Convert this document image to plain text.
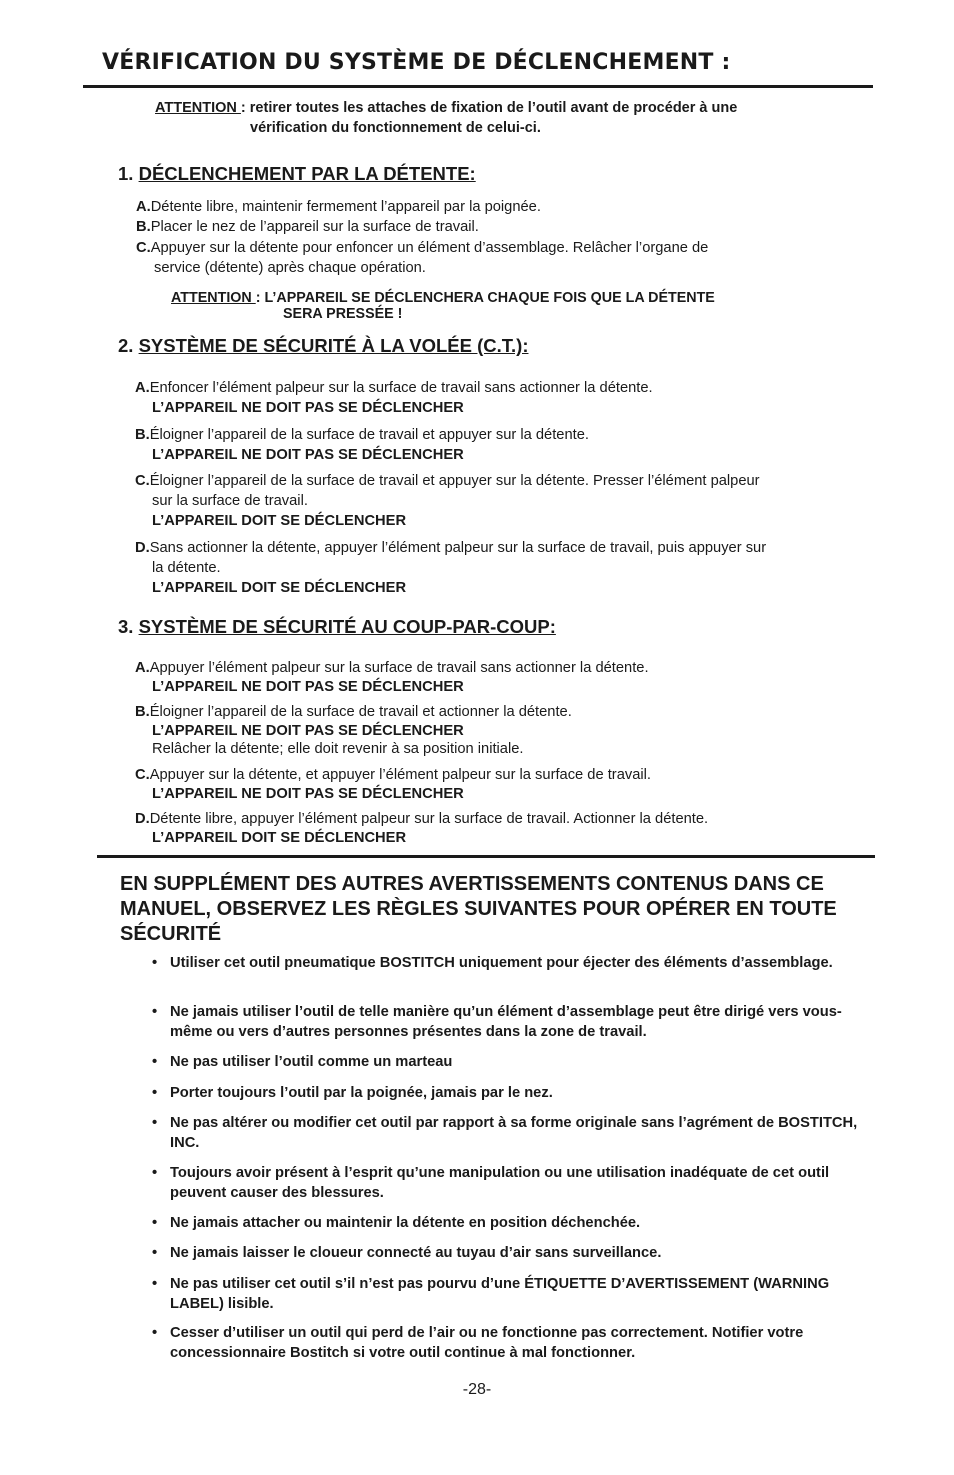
VÉRIFICATION DU SYSTÈME DE DÉCLENCHEMENT :
ATTENTION : retirer toutes les attaches de fixation de l’outil avant de procéder à une
vérification du fonctionnement de celui-ci.
1. DÉCLENCHEMENT PAR LA DÉTENTE:
A.Détente libre, maintenir fermement l’appareil par la poignée.
B.Placer le nez de l’appareil sur la surface de travail.
C.Appuyer sur la détente pour enfoncer un élément d’assemblage. Relâcher l’organe de
service (détente) après chaque opération.
ATTENTION : L’APPAREIL SE DÉCLENCHERA CHAQUE FOIS QUE LA DÉTENTE
SERA PRESSÉE !
2. SYSTÈME DE SÉCURITÉ À LA VOLÉE (C.T.):
A.Enfoncer l’élément palpeur sur la surface de travail sans actionner la détente.
L’APPAREIL NE DOIT PAS SE DÉCLENCHER
B.Éloigner l’appareil de la surface de travail et appuyer sur la détente.
L’APPAREIL NE DOIT PAS SE DÉCLENCHER
C.Éloigner l’appareil de la surface de travail et appuyer sur la détente. Presser l’élément palpeur
sur la surface de travail.
L’APPAREIL DOIT SE DÉCLENCHER
D.Sans actionner la détente, appuyer l’élément palpeur sur la surface de travail, puis appuyer sur
la détente.
L’APPAREIL DOIT SE DÉCLENCHER
3. SYSTÈME DE SÉCURITÉ AU COUP-PAR-COUP:
A.Appuyer l’élément palpeur sur la surface de travail sans actionner la détente.
L’APPAREIL NE DOIT PAS SE DÉCLENCHER
B.Éloigner l’appareil de la surface de travail et actionner la détente.
L’APPAREIL NE DOIT PAS SE DÉCLENCHER
Relâcher la détente; elle doit revenir à sa position initiale.
C.Appuyer sur la détente, et appuyer l’élément palpeur sur la surface de travail.
L’APPAREIL NE DOIT PAS SE DÉCLENCHER
D.Détente libre, appuyer l’élément palpeur sur la surface de travail. Actionner la détente.
L’APPAREIL DOIT SE DÉCLENCHER
EN SUPPLÉMENT DES AUTRES AVERTISSEMENTS CONTENUS DANS CE MANUEL, OBSERVEZ LES RÈGLES SUIVANTES POUR OPÉRER EN TOUTE SÉCURITÉ
• Utiliser cet outil pneumatique BOSTITCH uniquement pour éjecter des éléments d’assemblage.
• Ne jamais utiliser l’outil de telle manière qu’un élément d’assemblage peut être dirigé vers vous-même ou vers d’autres personnes présentes dans la zone de travail.
• Ne pas utiliser l’outil comme un marteau
• Porter toujours l’outil par la poignée, jamais par le nez.
• Ne pas altérer ou modifier cet outil par rapport à sa forme originale sans l’agrément de BOSTITCH, INC.
• Toujours avoir présent à l’esprit qu’une manipulation ou une utilisation inadéquate de cet outil peuvent causer des blessures.
• Ne jamais attacher ou maintenir la détente en position déchenchée.
• Ne jamais laisser le cloueur connecté au tuyau d’air sans surveillance.
• Ne pas utiliser cet outil s’il n’est pas pourvu d’une ÉTIQUETTE D’AVERTISSEMENT (WARNING LABEL) lisible.
• Cesser d’utiliser un outil qui perd de l’air ou ne fonctionne pas correctement. Notifier votre concessionnaire Bostitch si votre outil continue à mal fonctionner.
-28-
